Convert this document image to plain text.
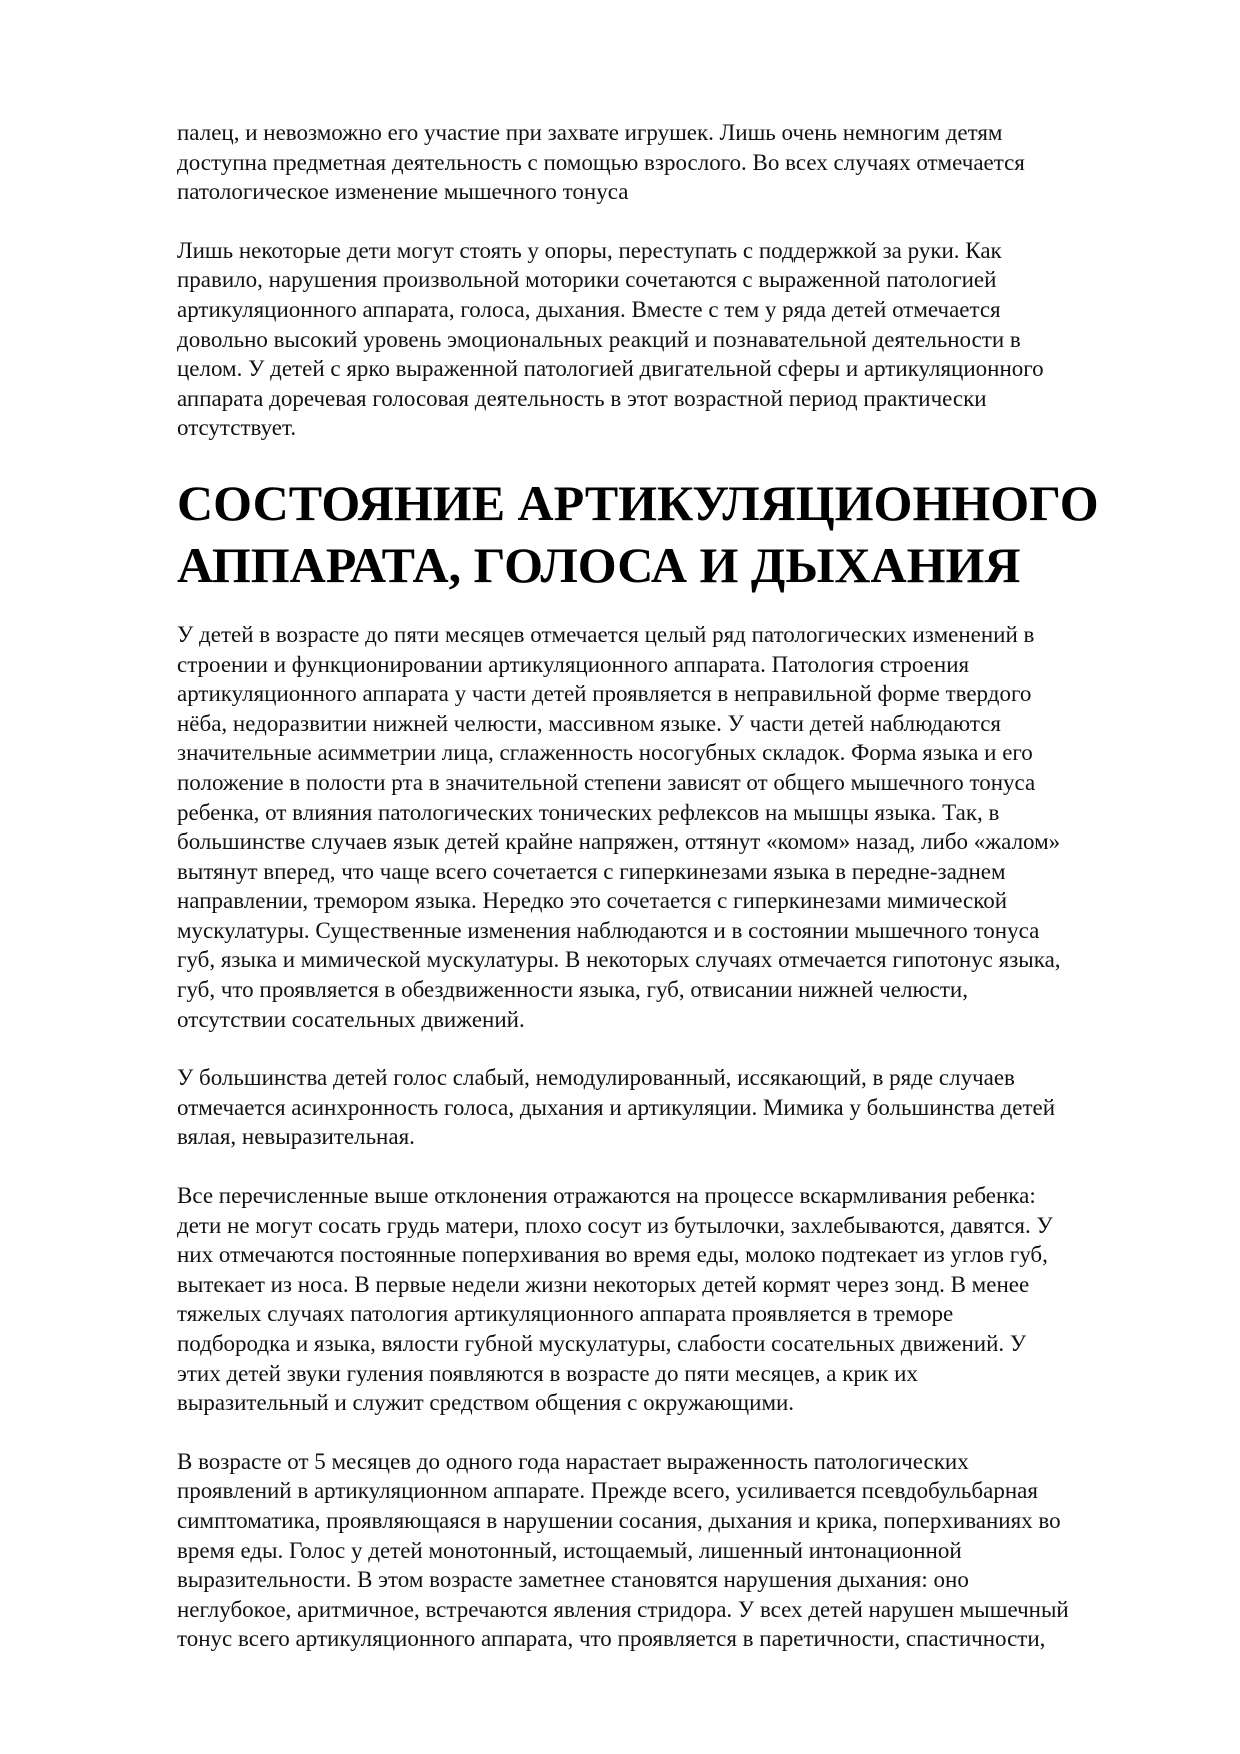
палец, и невозможно его участие при захвате игрушек. Лишь очень немногим детям
доступна предметная деятельность с помощью взрослого. Во всех случаях отмечается
патологическое изменение мышечного тонуса

Лишь некоторые дети могут стоять у опоры, переступать с поддержкой за руки. Как
правило, нарушения произвольной моторики сочетаются с выраженной патологией
артикуляционного аппарата, голоса, дыхания. Вместе с тем у ряда детей отмечается
довольно высокий уровень эмоциональных реакций и познавательной деятельности в
целом. У детей с ярко выраженной патологией двигательной сферы и артикуляционного
аппарата доречевая голосовая деятельность в этот возрастной период практически
отсутствует.

СОСТОЯНИЕ АРТИКУЛЯЦИОННОГО
АППАРАТА, ГОЛОСА И ДЫХАНИЯ

У детей в возрасте до пяти месяцев отмечается целый ряд патологических изменений в
строении и функционировании артикуляционного аппарата. Патология строения
артикуляционного аппарата у части детей проявляется в неправильной форме твердого
нёба, недоразвитии нижней челюсти, массивном языке. У части детей наблюдаются
значительные асимметрии лица, сглаженность носогубных складок. Форма языка и его
положение в полости рта в значительной степени зависят от общего мышечного тонуса
ребенка, от влияния патологических тонических рефлексов на мышцы языка. Так, в
большинстве случаев язык детей крайне напряжен, оттянут «комом» назад, либо «жалом»
вытянут вперед, что чаще всего сочетается с гиперкинезами языка в передне-заднем
направлении, тремором языка. Нередко это сочетается с гиперкинезами мимической
мускулатуры. Существенные изменения наблюдаются и в состоянии мышечного тонуса
губ, языка и мимической мускулатуры. В некоторых случаях отмечается гипотонус языка,
губ, что проявляется в обездвиженности языка, губ, отвисании нижней челюсти,
отсутствии сосательных движений.

У большинства детей голос слабый, немодулированный, иссякающий, в ряде случаев
отмечается асинхронность голоса, дыхания и артикуляции. Мимика у большинства детей
вялая, невыразительная.

Все перечисленные выше отклонения отражаются на процессе вскармливания ребенка:
дети не могут сосать грудь матери, плохо сосут из бутылочки, захлебываются, давятся. У
них отмечаются постоянные поперхивания во время еды, молоко подтекает из углов губ,
вытекает из носа. В первые недели жизни некоторых детей кормят через зонд. В менее
тяжелых случаях патология артикуляционного аппарата проявляется в треморе
подбородка и языка, вялости губной мускулатуры, слабости сосательных движений. У
этих детей звуки гуления появляются в возрасте до пяти месяцев, а крик их
выразительный и служит средством общения с окружающими.

В возрасте от 5 месяцев до одного года нарастает выраженность патологических
проявлений в артикуляционном аппарате. Прежде всего, усиливается псевдобульбарная
симптоматика, проявляющаяся в нарушении сосания, дыхания и крика, поперхиваниях во
время еды. Голос у детей монотонный, истощаемый, лишенный интонационной
выразительности. В этом возрасте заметнее становятся нарушения дыхания: оно
неглубокое, аритмичное, встречаются явления стридора. У всех детей нарушен мышечный
тонус всего артикуляционного аппарата, что проявляется в паретичности, спастичности,
